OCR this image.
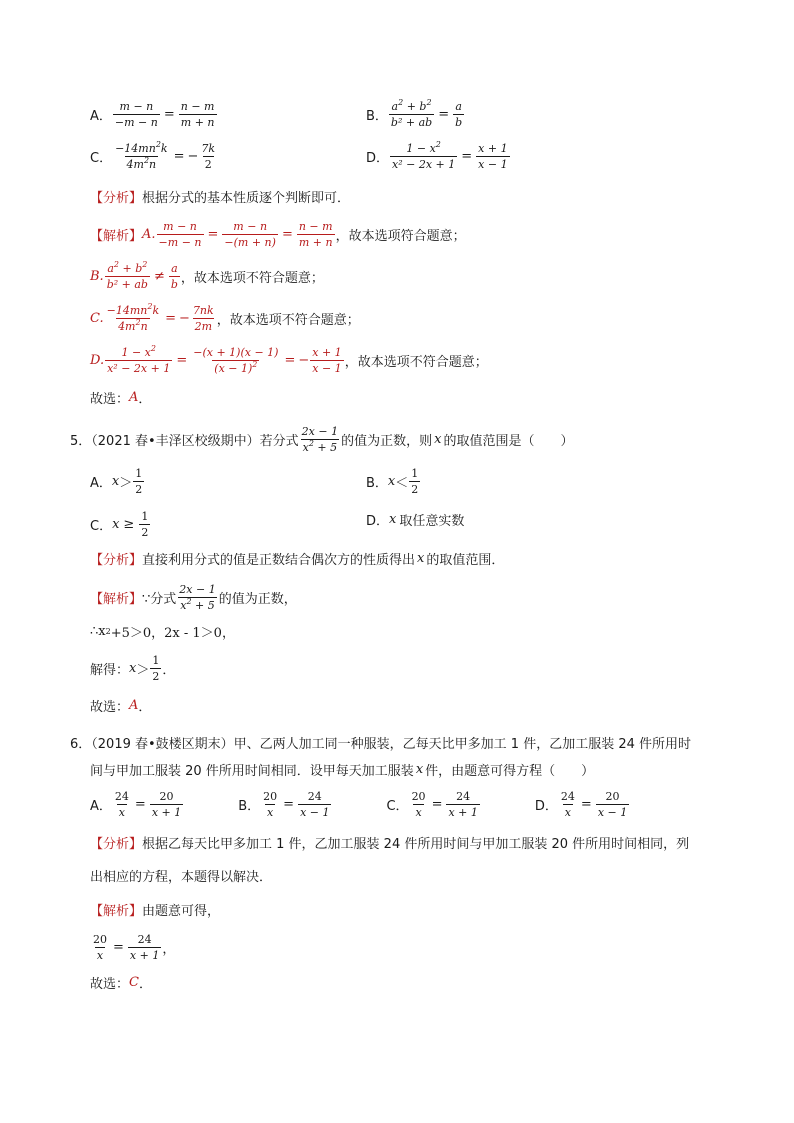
A． $\frac{m - n}{-m - n} = \frac{n - m}{m + n}$	B． $\frac{a^2 + b^2}{\text{b² + ab}} = \frac{a}{b}$
C． $\frac{-14mn^2k}{4m^2n}$ = − $\frac{7k}{2}$	D． $\frac{1 - x^2}{\text{x² − 2x + 1}} = \frac{x + 1}{x - 1}$
【分析】 根据分式的基本性质逐个判断即可．
【解析】 A. $\frac{m - n}{-m - n} = \frac{m - n}{-(m + n)} = \frac{n - m}{m + n}$ ，故本选项符合题意；
B. $\frac{a^2 + b^2}{\text{b² + ab}} \ne \frac{a}{b}$ ，故本选项不符合题意；
C. $\frac{-14mn^2k}{4m^2n}$ = − $\frac{7nk}{2m}$ ，故本选项不符合题意；
D. $\frac{1 - x^2}{\text{x² − 2x + 1}} = \frac{-(x + 1)(x - 1)}{(x - 1)^2}$ = − $\frac{x + 1}{x - 1}$ ，故本选项不符合题意；
故选： A ．
5．（2021 春•丰泽区校级期中）若分式 $\frac{2x - 1}{x^2 + 5}$ 的值为正数，则 x 的取值范围是（　　）
A． $x > \frac{1}{2}$	B． $x < \frac{1}{2}$
C． $x \ge \frac{1}{2}$	D． x 取任意实数
【分析】 直接利用分式的值是正数结合偶次方的性质得出 x 的取值范围．
【解析】 ∵分式 $\frac{2x - 1}{x^2 + 5}$ 的值为正数，
∴x 2 +5＞0，2x - 1＞0，
解得： $x > \frac{1}{2}$ ．
故选： A ．
6．（2019 春•鼓楼区期末）甲、乙两人加工同一种服装，乙每天比甲多加工 1 件，乙加工服装 24 件所用时
间与甲加工服装 20 件所用时间相同．设甲每天加工服装 x 件，由题意可得方程（　　）
A． $\frac{24}{x} = \frac{20}{x + 1}$	B． $\frac{20}{x} = \frac{24}{x - 1}$	C． $\frac{20}{x} = \frac{24}{x + 1}$	D． $\frac{24}{x} = \frac{20}{x - 1}$
【分析】 根据乙每天比甲多加工 1 件，乙加工服装 24 件所用时间与甲加工服装 20 件所用时间相同，列
出相应的方程，本题得以解决．
【解析】 由题意可得，
$\frac{20}{x} = \frac{24}{x + 1}$ ，
故选： C ．
